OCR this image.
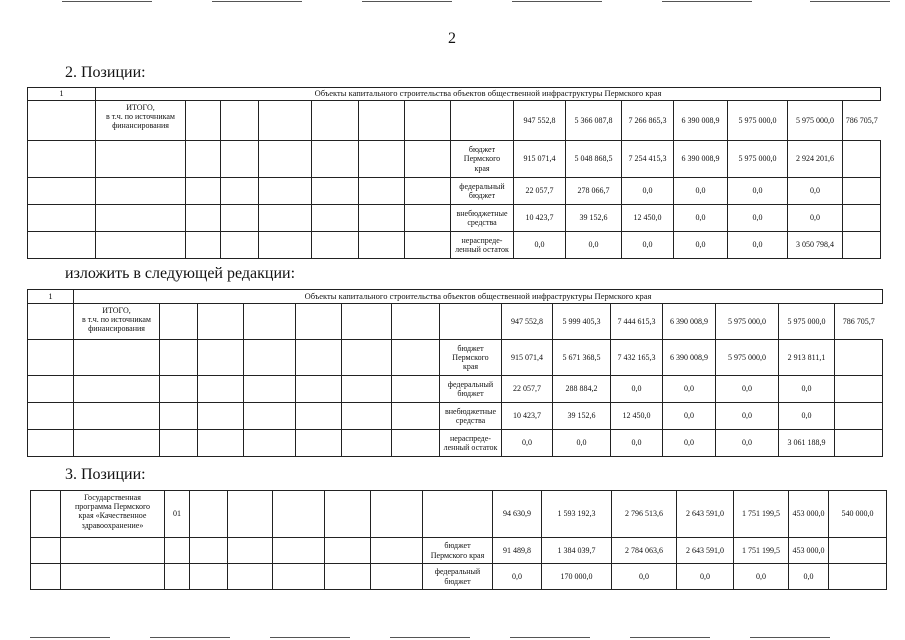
2
2. Позиции:
1	Объекты капитального строительства объектов общественной инфраструктуры Пермского края														
	ИТОГО,
в т.ч. по источникам
финансирования								947 552,8	5 366 087,8	7 266 865,3	6 390 008,9	5 975 000,0	5 975 000,0	786 705,7
								бюджет
Пермского
края	915 071,4	5 048 868,5	7 254 415,3	6 390 008,9	5 975 000,0	2 924 201,6	
								федеральный
бюджет	22 057,7	278 066,7	0,0	0,0	0,0	0,0	
								внебюджетные
средства	10 423,7	39 152,6	12 450,0	0,0	0,0	0,0	
								нераспреде-
ленный остаток	0,0	0,0	0,0	0,0	0,0	3 050 798,4	
изложить в следующей редакции:
1	Объекты капитального строительства объектов общественной инфраструктуры Пермского края														
	ИТОГО,
в т.ч. по источникам
финансирования								947 552,8	5 999 405,3	7 444 615,3	6 390 008,9	5 975 000,0	5 975 000,0	786 705,7
								бюджет
Пермского
края	915 071,4	5 671 368,5	7 432 165,3	6 390 008,9	5 975 000,0	2 913 811,1	
								федеральный
бюджет	22 057,7	288 884,2	0,0	0,0	0,0	0,0	
								внебюджетные
средства	10 423,7	39 152,6	12 450,0	0,0	0,0	0,0	
								нераспреде-
ленный остаток	0,0	0,0	0,0	0,0	0,0	3 061 188,9	
3. Позиции:
	Государственная
программа Пермского
края «Качественное
здравоохранение»	01							94 630,9	1 593 192,3	2 796 513,6	2 643 591,0	1 751 199,5	453 000,0	540 000,0
								бюджет
Пермского края	91 489,8	1 384 039,7	2 784 063,6	2 643 591,0	1 751 199,5	453 000,0	
								федеральный
бюджет	0,0	170 000,0	0,0	0,0	0,0	0,0	
